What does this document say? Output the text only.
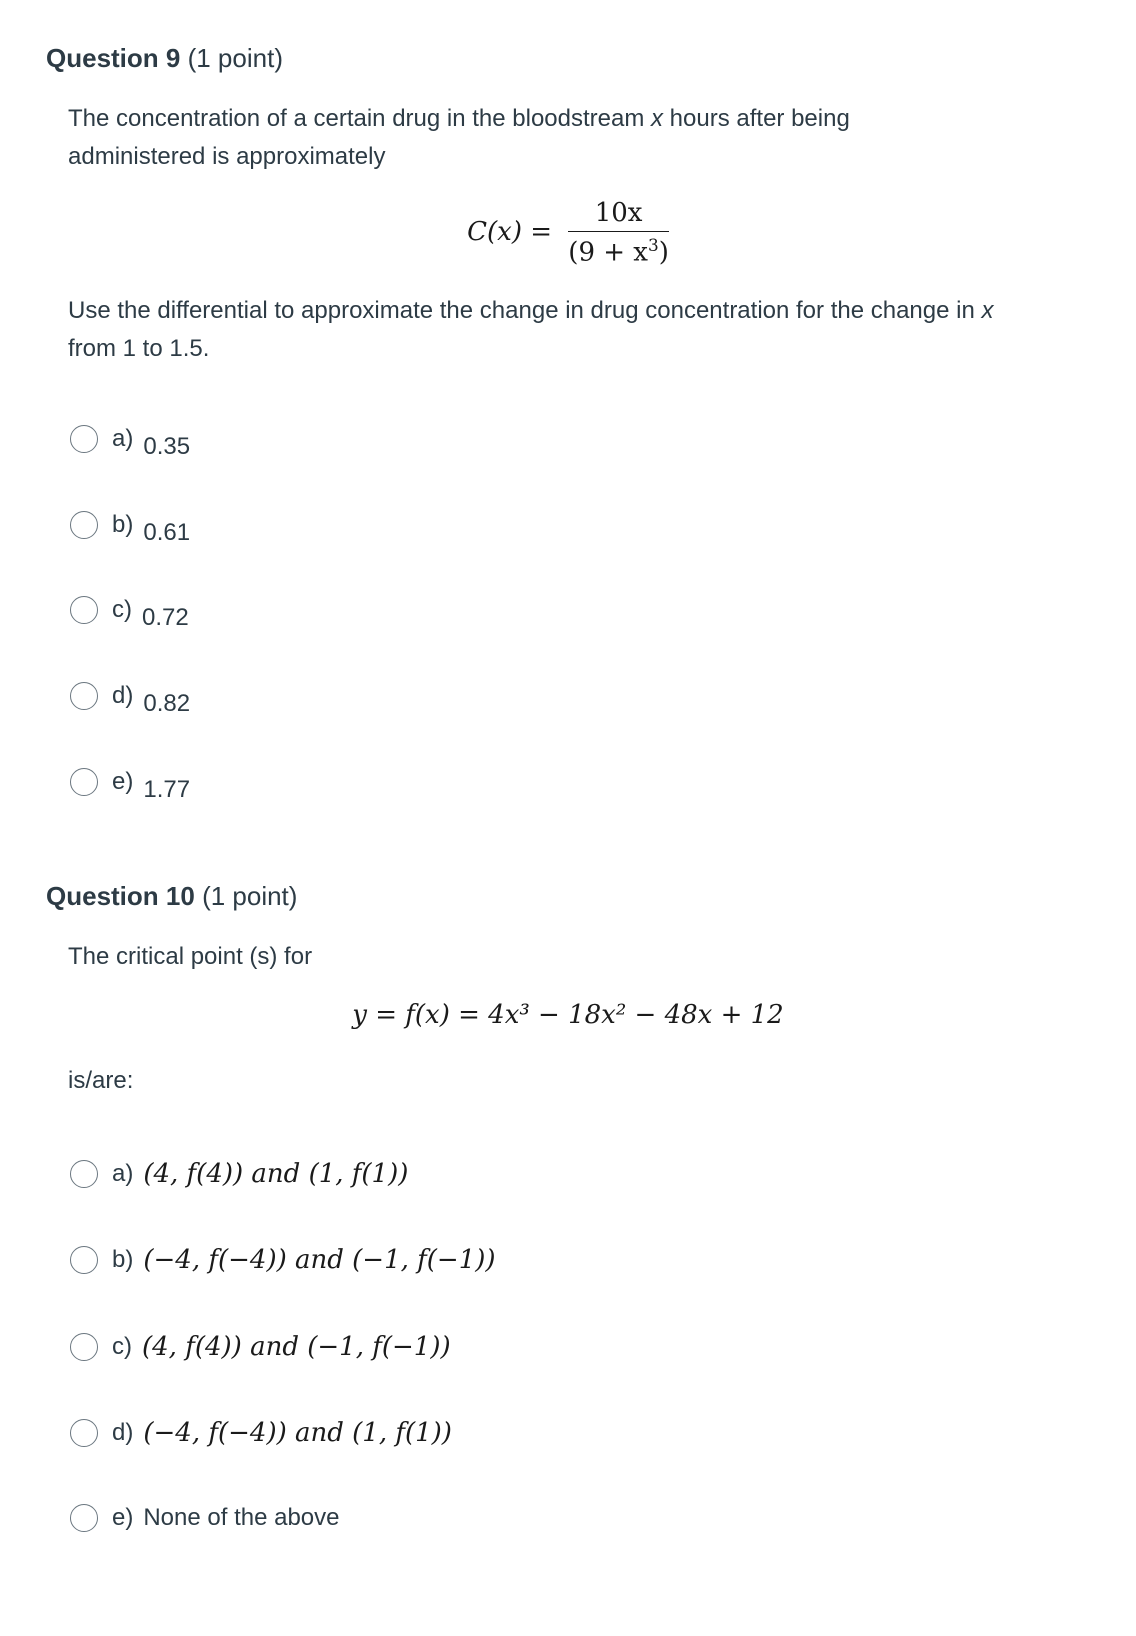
Question 9 (1 point)

The concentration of a certain drug in the bloodstream x hours after being administered is approximately
$C(x) = \frac{10x}{(9 + x^3)}$
Use the differential to approximate the change in drug concentration for the change in x from 1 to 1.5.
a) 0.35
b) 0.61
c) 0.72
d) 0.82
e) 1.77

Question 10 (1 point)

The critical point (s) for
y = f(x) = 4x³ − 18x² − 48x + 12
is/are:
a) (4, f(4)) and (1, f(1))
b) (−4, f(−4)) and (−1, f(−1))
c) (4, f(4)) and (−1, f(−1))
d) (−4, f(−4)) and (1, f(1))
e) None of the above
